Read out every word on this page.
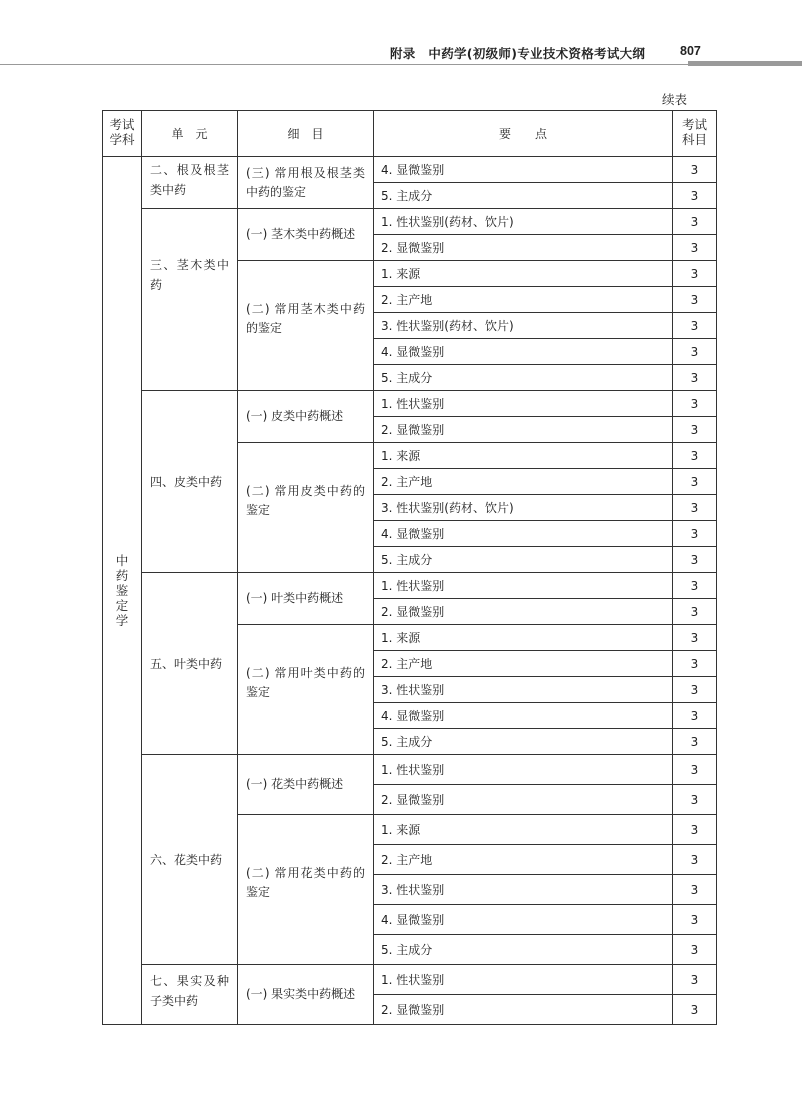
附录　中药学(初级师)专业技术资格考试大纲	807
续表
考试学科	单　元	细　目	要　　点	考试科目
中药鉴定学	二、根及根茎类中药	(三) 常用根及根茎类中药的鉴定	4. 显微鉴别	3
			5. 主成分	3

	三、茎木类中药	(一) 茎木类中药概述	1. 性状鉴别(药材、饮片)	3
			2. 显微鉴别	3

		(二) 常用茎木类中药的鉴定	1. 来源	3
			2. 主产地	3
			3. 性状鉴别(药材、饮片)	3
			4. 显微鉴别	3
			5. 主成分	3

	四、皮类中药	(一) 皮类中药概述	1. 性状鉴别	3
			2. 显微鉴别	3

		(二) 常用皮类中药的鉴定	1. 来源	3
			2. 主产地	3
			3. 性状鉴别(药材、饮片)	3
			4. 显微鉴别	3
			5. 主成分	3

	五、叶类中药	(一) 叶类中药概述	1. 性状鉴别	3
			2. 显微鉴别	3

		(二) 常用叶类中药的鉴定	1. 来源	3
			2. 主产地	3
			3. 性状鉴别	3
			4. 显微鉴别	3
			5. 主成分	3

	六、花类中药	(一) 花类中药概述	1. 性状鉴别	3
			2. 显微鉴别	3

		(二) 常用花类中药的鉴定	1. 来源	3
			2. 主产地	3
			3. 性状鉴别	3
			4. 显微鉴别	3
			5. 主成分	3

	七、果实及种子类中药	(一) 果实类中药概述	1. 性状鉴别	3
			2. 显微鉴别	3
